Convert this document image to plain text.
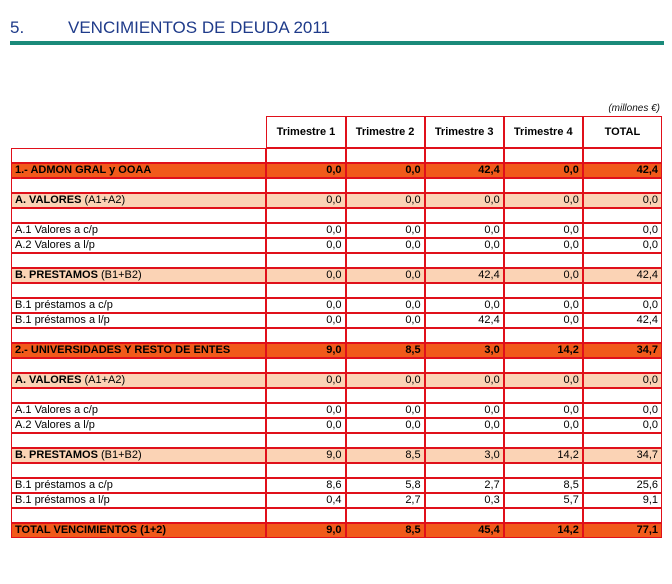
5.	VENCIMIENTOS DE DEUDA 2011
(millones €)
	Trimestre 1	Trimestre 2	Trimestre 3	Trimestre 4	TOTAL

1.- ADMON GRAL y OOAA	0,0	0,0	42,4	0,0	42,4

A. VALORES (A1+A2)	0,0	0,0	0,0	0,0	0,0

A.1 Valores a c/p	0,0	0,0	0,0	0,0	0,0
A.2 Valores a l/p	0,0	0,0	0,0	0,0	0,0

B. PRESTAMOS (B1+B2)	0,0	0,0	42,4	0,0	42,4

B.1 préstamos a c/p	0,0	0,0	0,0	0,0	0,0
B.1 préstamos a l/p	0,0	0,0	42,4	0,0	42,4

2.- UNIVERSIDADES Y RESTO DE ENTES	9,0	8,5	3,0	14,2	34,7

A. VALORES (A1+A2)	0,0	0,0	0,0	0,0	0,0

A.1 Valores a c/p	0,0	0,0	0,0	0,0	0,0
A.2 Valores a l/p	0,0	0,0	0,0	0,0	0,0

B. PRESTAMOS (B1+B2)	9,0	8,5	3,0	14,2	34,7

B.1 préstamos a c/p	8,6	5,8	2,7	8,5	25,6
B.1 préstamos a l/p	0,4	2,7	0,3	5,7	9,1

TOTAL VENCIMIENTOS (1+2)	9,0	8,5	45,4	14,2	77,1
